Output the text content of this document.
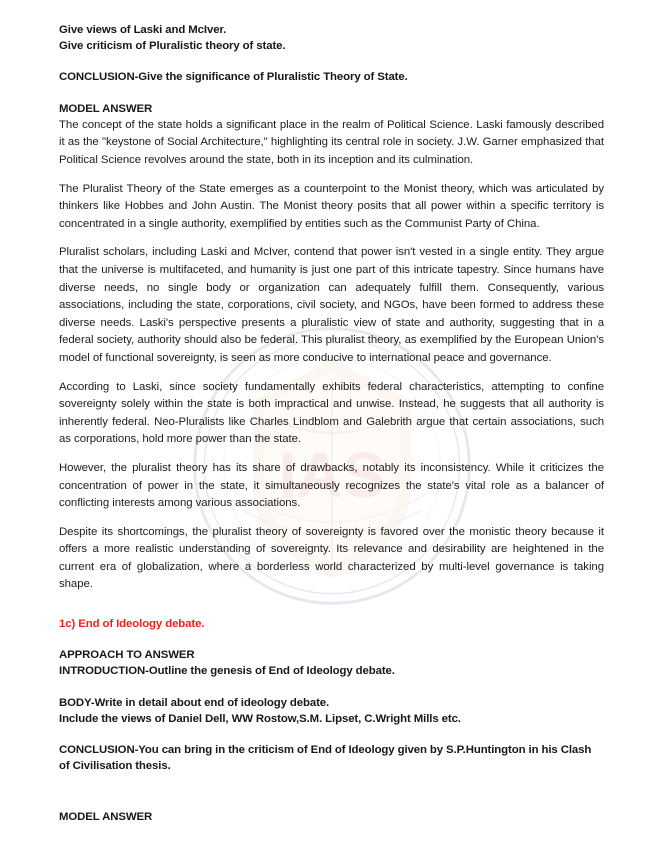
IAS
Give views of Laski and McIver.
Give criticism of Pluralistic theory of state.
CONCLUSION-Give the significance of Pluralistic Theory of State.
MODEL ANSWER

The concept of the state holds a significant place in the realm of Political Science. Laski famously described it as the "keystone of Social Architecture," highlighting its central role in society. J.W. Garner emphasized that Political Science revolves around the state, both in its inception and its culmination.

The Pluralist Theory of the State emerges as a counterpoint to the Monist theory, which was articulated by thinkers like Hobbes and John Austin. The Monist theory posits that all power within a specific territory is concentrated in a single authority, exemplified by entities such as the Communist Party of China.

Pluralist scholars, including Laski and McIver, contend that power isn't vested in a single entity. They argue that the universe is multifaceted, and humanity is just one part of this intricate tapestry. Since humans have diverse needs, no single body or organization can adequately fulfill them. Consequently, various associations, including the state, corporations, civil society, and NGOs, have been formed to address these diverse needs. Laski's perspective presents a pluralistic view of state and authority, suggesting that in a federal society, authority should also be federal. This pluralist theory, as exemplified by the European Union's model of functional sovereignty, is seen as more conducive to international peace and governance.

According to Laski, since society fundamentally exhibits federal characteristics, attempting to confine sovereignty solely within the state is both impractical and unwise. Instead, he suggests that all authority is inherently federal. Neo-Pluralists like Charles Lindblom and Galebrith argue that certain associations, such as corporations, hold more power than the state.

However, the pluralist theory has its share of drawbacks, notably its inconsistency. While it criticizes the concentration of power in the state, it simultaneously recognizes the state's vital role as a balancer of conflicting interests among various associations.

Despite its shortcomings, the pluralist theory of sovereignty is favored over the monistic theory because it offers a more realistic understanding of sovereignty. Its relevance and desirability are heightened in the current era of globalization, where a borderless world characterized by multi-level governance is taking shape.

1c) End of Ideology debate.
APPROACH TO ANSWER
INTRODUCTION-Outline the genesis of End of Ideology debate.
BODY-Write in detail about end of ideology debate.
Include the views of Daniel Dell, WW Rostow,S.M. Lipset, C.Wright Mills etc.
CONCLUSION-You can bring in the criticism of End of Ideology given by S.P.Huntington in his Clash
of Civilisation thesis.
MODEL ANSWER
